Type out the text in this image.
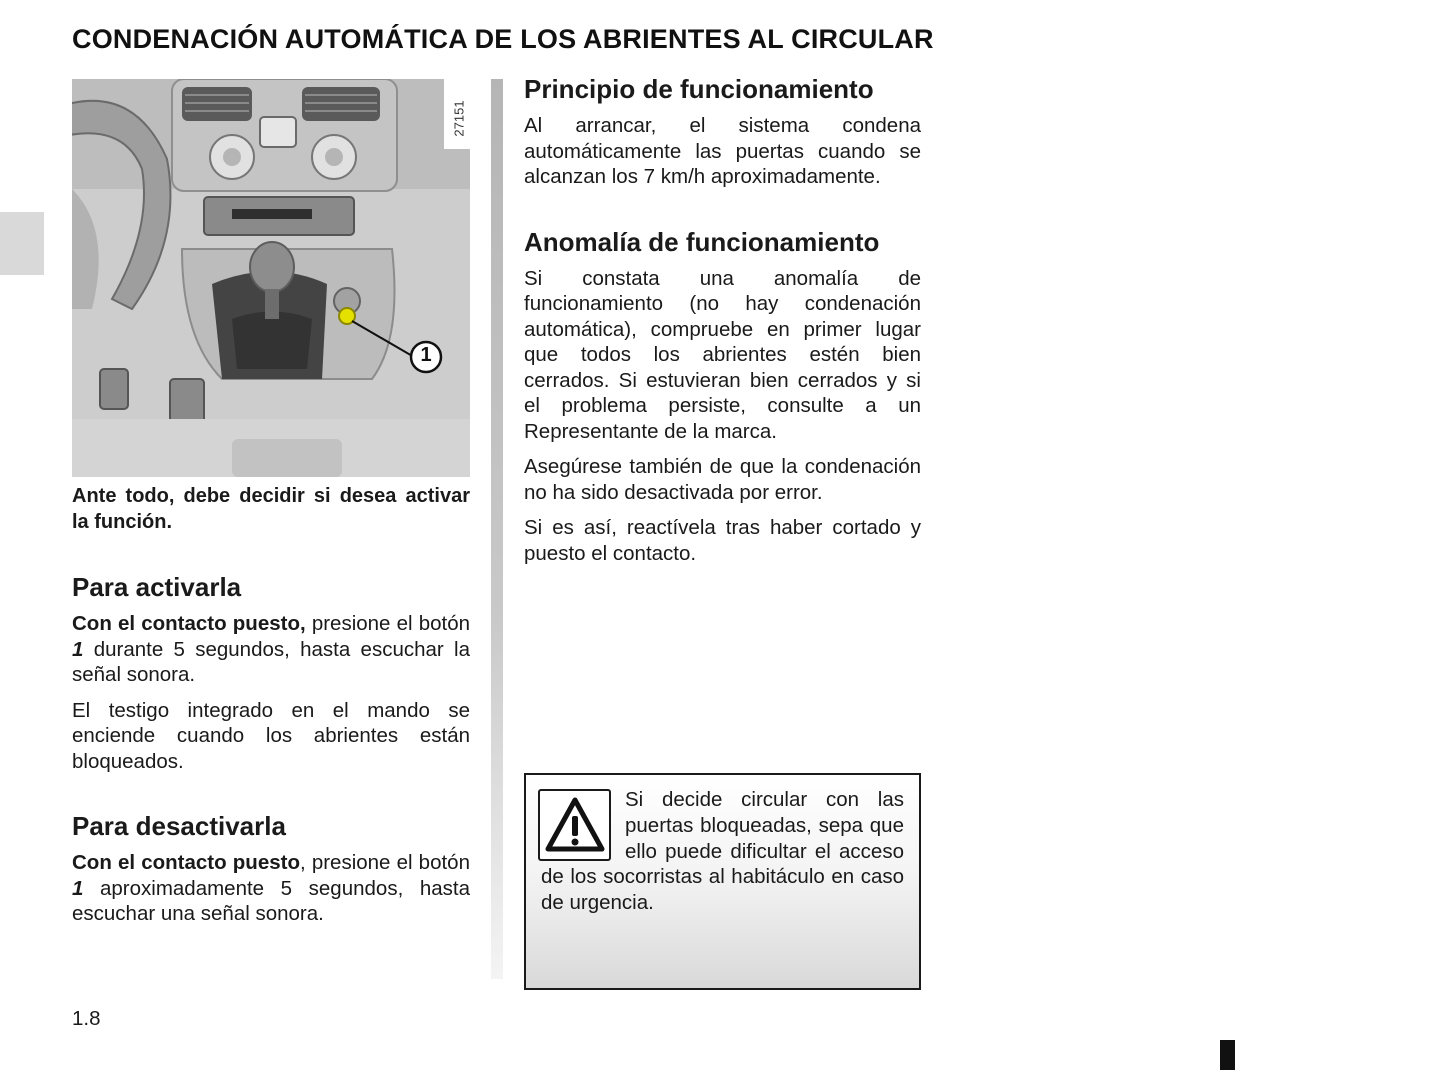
CONDENACIÓN AUTOMÁTICA DE LOS ABRIENTES AL CIRCULAR
27151
1

Ante todo, debe decidir si desea activar la función.

Para activarla

Con el contacto puesto, presione el botón 1 durante 5 segundos, hasta escuchar la señal sonora.

El testigo integrado en el mando se enciende cuando los abrientes están bloqueados.

Para desactivarla

Con el contacto puesto, presione el botón 1 aproximadamente 5 segundos, hasta escuchar una señal sonora.

Principio de funcionamiento

Al arrancar, el sistema condena automáticamente las puertas cuando se alcanzan los 7 km/h aproximadamente.

Anomalía de funcionamiento

Si constata una anomalía de funcionamiento (no hay condenación automática), compruebe en primer lugar que todos los abrientes estén bien cerrados. Si estuvieran bien cerrados y si el problema persiste, consulte a un Representante de la marca.

Asegúrese también de que la condenación no ha sido desactivada por error.

Si es así, reactívela tras haber cortado y puesto el contacto.

Si decide circular con las puertas bloqueadas, sepa que ello puede dificultar el acceso de los socorristas al habitáculo en caso de urgencia.

1.8
